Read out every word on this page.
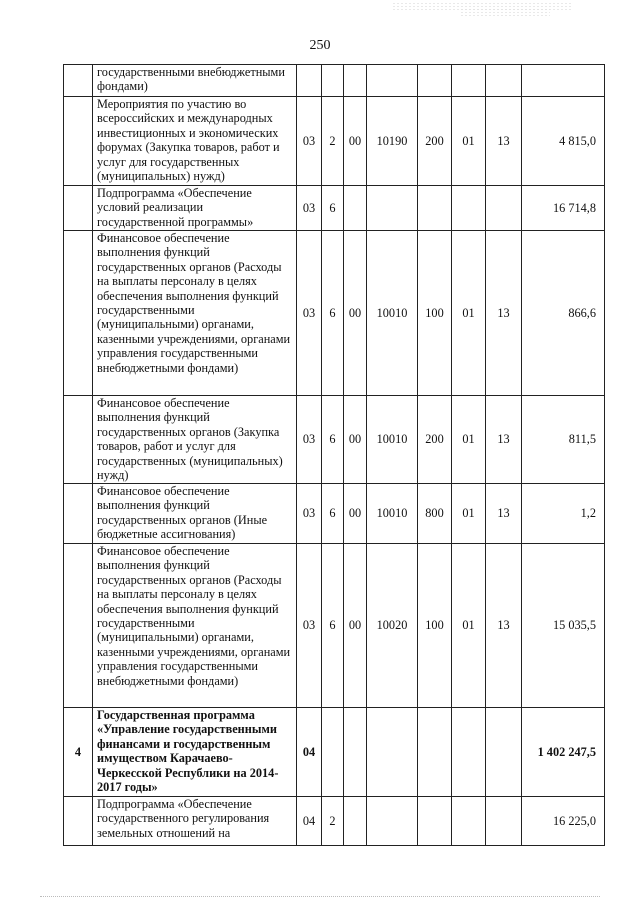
250
	государственными внебюджетными фондами)								
	Мероприятия по участию во всероссийских и международных инвестиционных и экономических форумах (Закупка товаров, работ и услуг для государственных (муниципальных) нужд)	03	2	00	10190	200	01	13	4 815,0
	Подпрограмма «Обеспечение условий реализации государственной программы»	03	6						16 714,8
	Финансовое обеспечение выполнения функций государственных органов (Расходы на выплаты персоналу в целях обеспечения выполнения функций государственными (муниципальными) органами, казенными учреждениями, органами управления государственными внебюджетными фондами)	03	6	00	10010	100	01	13	866,6
	Финансовое обеспечение выполнения функций государственных органов (Закупка товаров, работ и услуг для государственных (муниципальных) нужд)	03	6	00	10010	200	01	13	811,5
	Финансовое обеспечение выполнения функций государственных органов (Иные бюджетные ассигнования)	03	6	00	10010	800	01	13	1,2
	Финансовое обеспечение выполнения функций государственных органов (Расходы на выплаты персоналу в целях обеспечения выполнения функций государственными (муниципальными) органами, казенными учреждениями, органами управления государственными внебюджетными фондами)	03	6	00	10020	100	01	13	15 035,5
4	Государственная программа «Управление государственными финансами и государственным имуществом Карачаево-Черкесской Республики на 2014-2017 годы»	04							1 402 247,5
	Подпрограмма «Обеспечение государственного регулирования земельных отношений на	04	2						16 225,0
